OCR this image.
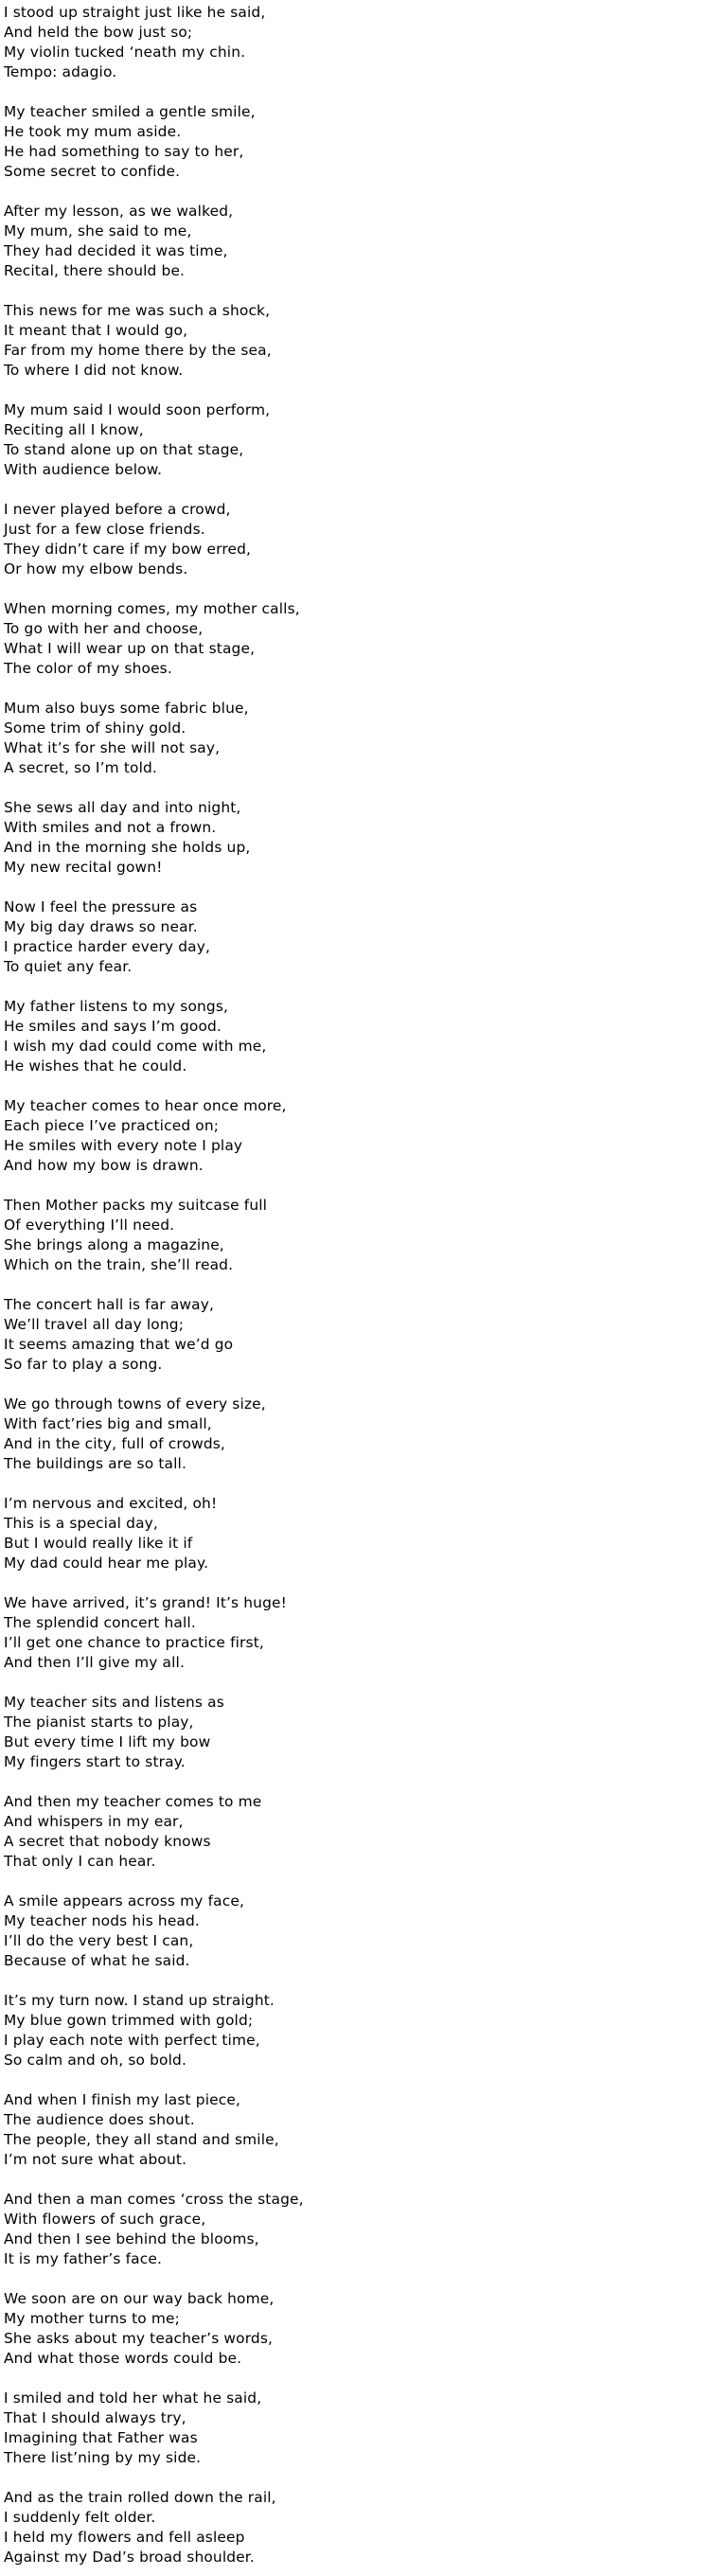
I stood up straight just like he said,
And held the bow just so;
My violin tucked ‘neath my chin.
Tempo: adagio.
My teacher smiled a gentle smile,
He took my mum aside.
He had something to say to her,
Some secret to confide.
After my lesson, as we walked,
My mum, she said to me,
They had decided it was time,
Recital, there should be.
This news for me was such a shock,
It meant that I would go,
Far from my home there by the sea,
To where I did not know.
My mum said I would soon perform,
Reciting all I know,
To stand alone up on that stage,
With audience below.
I never played before a crowd,
Just for a few close friends.
They didn’t care if my bow erred,
Or how my elbow bends.
When morning comes, my mother calls,
To go with her and choose,
What I will wear up on that stage,
The color of my shoes.
Mum also buys some fabric blue,
Some trim of shiny gold.
What it’s for she will not say,
A secret, so I’m told.
She sews all day and into night,
With smiles and not a frown.
And in the morning she holds up,
My new recital gown!
Now I feel the pressure as
My big day draws so near.
I practice harder every day,
To quiet any fear.
My father listens to my songs,
He smiles and says I’m good.
I wish my dad could come with me,
He wishes that he could.
My teacher comes to hear once more,
Each piece I’ve practiced on;
He smiles with every note I play
And how my bow is drawn.
Then Mother packs my suitcase full
Of everything I’ll need.
She brings along a magazine,
Which on the train, she’ll read.
The concert hall is far away,
We’ll travel all day long;
It seems amazing that we’d go
So far to play a song.
We go through towns of every size,
With fact’ries big and small,
And in the city, full of crowds,
The buildings are so tall.
I’m nervous and excited, oh!
This is a special day,
But I would really like it if
My dad could hear me play.
We have arrived, it’s grand! It’s huge!
The splendid concert hall.
I’ll get one chance to practice first,
And then I’ll give my all.
My teacher sits and listens as
The pianist starts to play,
But every time I lift my bow
My fingers start to stray.
And then my teacher comes to me
And whispers in my ear,
A secret that nobody knows
That only I can hear.
A smile appears across my face,
My teacher nods his head.
I’ll do the very best I can,
Because of what he said.
It’s my turn now. I stand up straight.
My blue gown trimmed with gold;
I play each note with perfect time,
So calm and oh, so bold.
And when I finish my last piece,
The audience does shout.
The people, they all stand and smile,
I’m not sure what about.
And then a man comes ‘cross the stage,
With flowers of such grace,
And then I see behind the blooms,
It is my father’s face.
We soon are on our way back home,
My mother turns to me;
She asks about my teacher’s words,
And what those words could be.
I smiled and told her what he said,
That I should always try,
Imagining that Father was
There list’ning by my side.
And as the train rolled down the rail,
I suddenly felt older.
I held my flowers and fell asleep
Against my Dad’s broad shoulder.
